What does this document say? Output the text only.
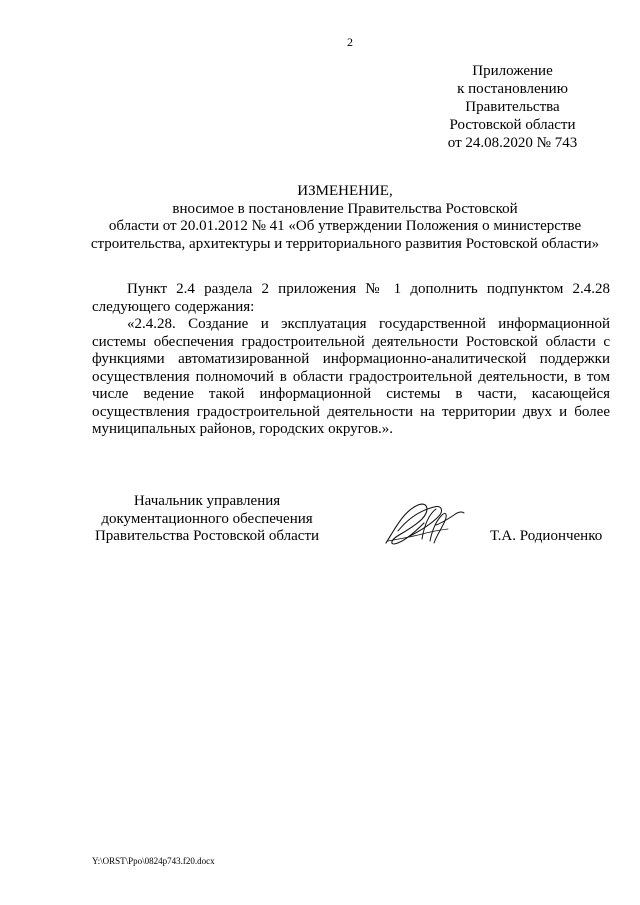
2
Приложение
к постановлению
Правительства
Ростовской области
от 24.08.2020 № 743
ИЗМЕНЕНИЕ,
вносимое в постановление Правительства Ростовской
области от 20.01.2012 № 41 «Об утверждении Положения о министерстве
строительства, архитектуры и территориального развития Ростовской области»

Пункт 2.4 раздела 2 приложения № 1 дополнить подпунктом 2.4.28 следующего содержания:

«2.4.28. Создание и эксплуатация государственной информационной системы обеспечения градостроительной деятельности Ростовской области с функциями автоматизированной информационно-аналитической поддержки осуществления полномочий в области градостроительной деятельности, в том числе ведение такой информационной системы в части, касающейся осуществления градостроительной деятельности на территории двух и более муниципальных районов, городских округов.».

Начальник управления
документационного обеспечения
Правительства Ростовской области	Т.А. Родионченко
Y:\ORST\Ppo\0824p743.f20.docx
